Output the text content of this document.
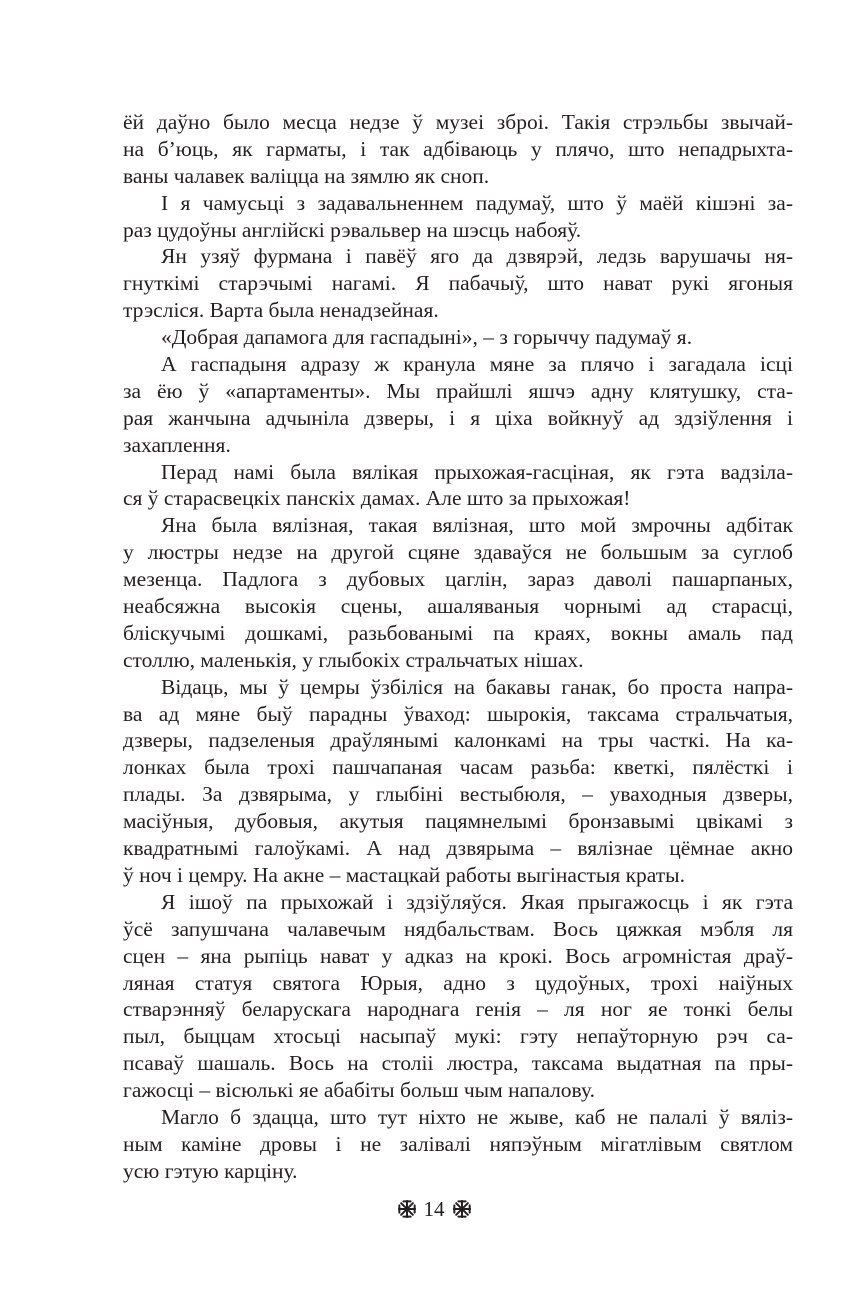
ёй даўно было месца недзе ў музеі зброі. Такія стрэльбы звычай-
на б’юць, як гарматы, і так адбіваюць у плячо, што непадрыхта-
ваны чалавек валіцца на зямлю як сноп.
І я чамусьці з задавальненнем падумаў, што ў маёй кішэні за-
раз цудоўны англійскі рэвальвер на шэсць набояў.
Ян узяў фурмана і павёў яго да дзвярэй, ледзь варушачы ня-
гнуткімі старэчымі нагамі. Я пабачыў, што нават рукі ягоныя
трэсліся. Варта была ненадзейная.
«Добрая дапамога для гаспадыні», – з горыччу падумаў я.
А гаспадыня адразу ж кранула мяне за плячо і загадала ісці
за ёю ў «апартаменты». Мы прайшлі яшчэ адну клятушку, ста-
рая жанчына адчыніла дзверы, і я ціха войкнуў ад здзіўлення і
захаплення.
Перад намі была вялікая прыхожая-гасціная, як гэта вадзіла-
ся ў старасвецкіх панскіх дамах. Але што за прыхожая!
Яна была вялізная, такая вялізная, што мой змрочны адбітак
у люстры недзе на другой сцяне здаваўся не большым за суглоб
мезенца. Падлога з дубовых цаглін, зараз даволі пашарпаных,
неабсяжна высокія сцены, ашаляваныя чорнымі ад старасці,
бліскучымі дошкамі, разьбованымі па краях, вокны амаль пад
столлю, маленькія, у глыбокіх стральчатых нішах.
Відаць, мы ў цемры ўзбіліся на бакавы ганак, бо проста напра-
ва ад мяне быў парадны ўваход: шырокія, таксама стральчатыя,
дзверы, падзеленыя драўлянымі калонкамі на тры часткі. На ка-
лонках была трохі пашчапаная часам разьба: кветкі, пялёсткі і
плады. За дзвярыма, у глыбіні вестыбюля, – уваходныя дзверы,
масіўныя, дубовыя, акутыя пацямнелымі бронзавымі цвікамі з
квадратнымі галоўкамі. А над дзвярыма – вялізнае цёмнае акно
ў ноч і цемру. На акне – мастацкай работы выгінастыя краты.
Я ішоў па прыхожай і здзіўляўся. Якая прыгажосць і як гэта
ўсё запушчана чалавечым нядбальствам. Вось цяжкая мэбля ля
сцен – яна рыпіць нават у адказ на крокі. Вось агромністая драў-
ляная статуя святога Юрыя, адно з цудоўных, трохі наіўных
стварэнняў беларускага народнага генія – ля ног яе тонкі белы
пыл, быццам хтосьці насыпаў мукі: гэту непаўторную рэч са-
псаваў шашаль. Вось на століі люстра, таксама выдатная па пры-
гажосці – вісюлькі яе абабіты больш чым напалову.
Магло б здацца, што тут ніхто не жыве, каб не палалі ў вяліз-
ным каміне дровы і не залівалі няпэўным мігатлівым святлом
усю гэтую карціну.
14
